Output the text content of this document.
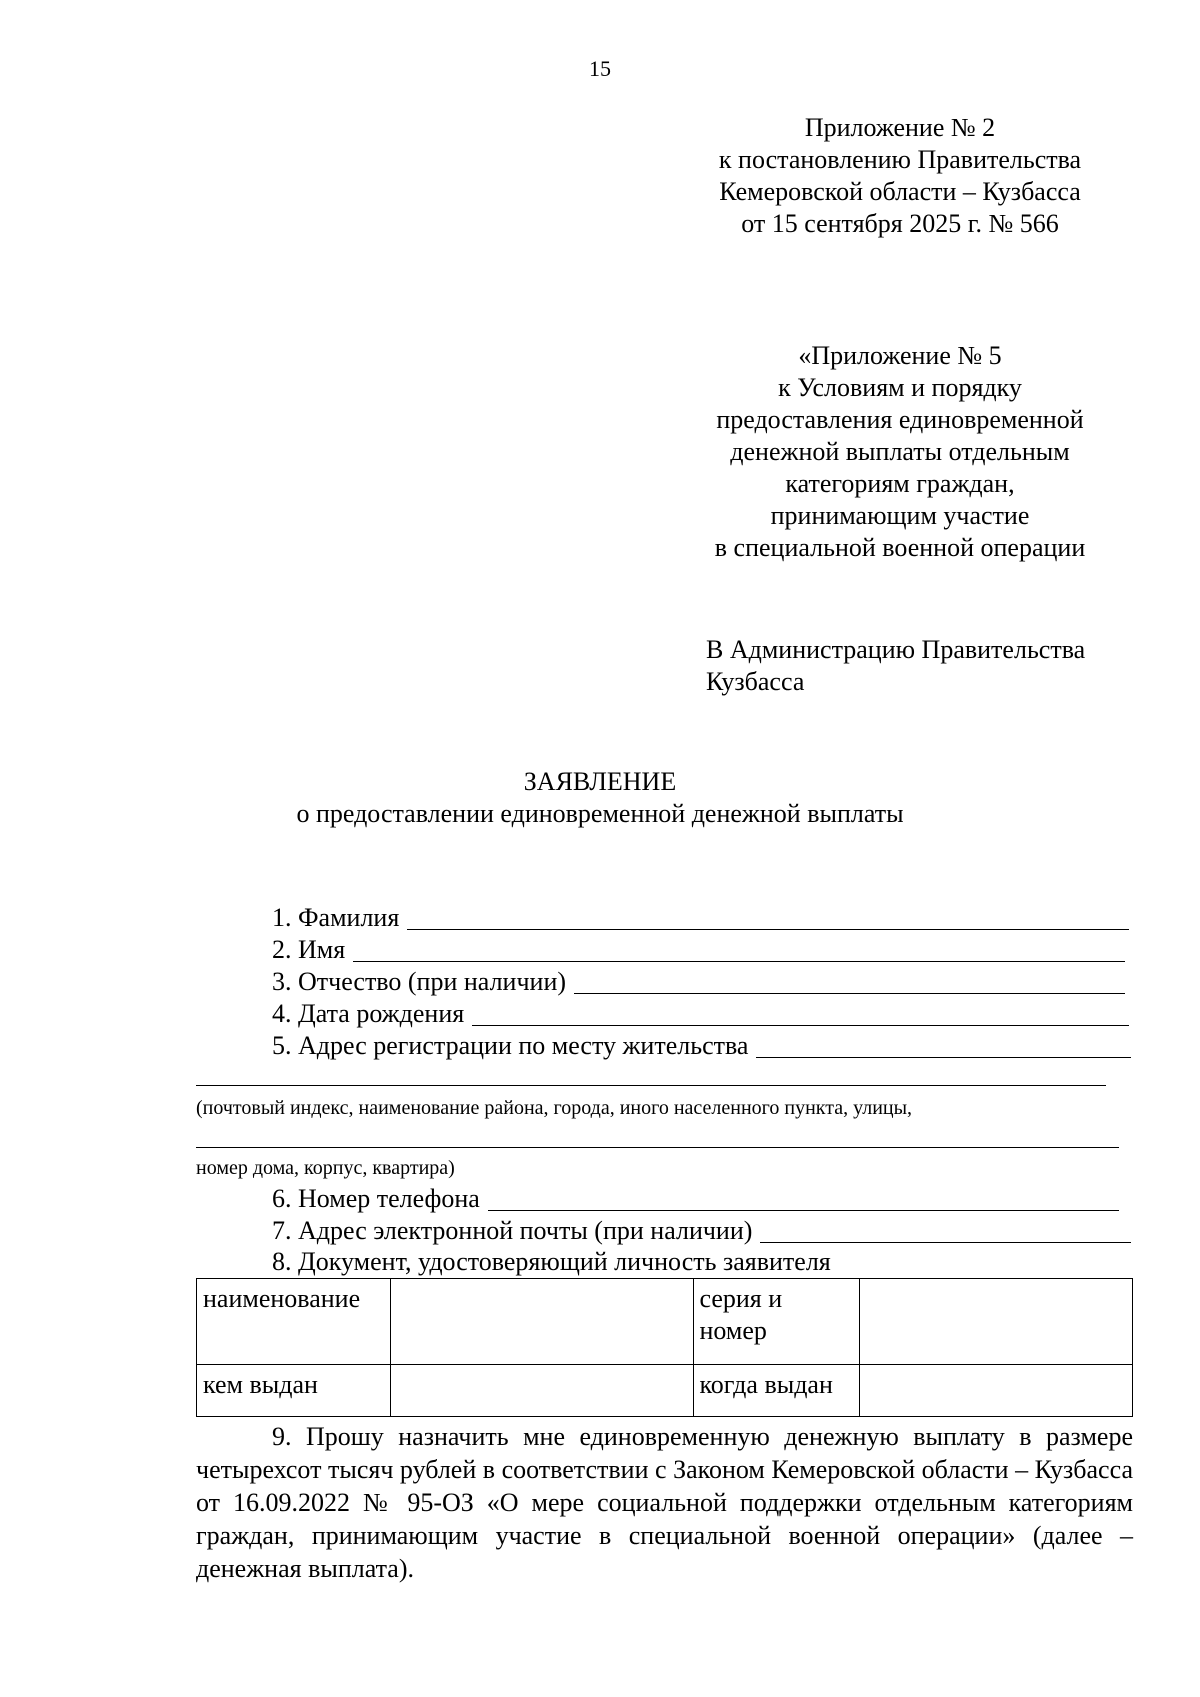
15
Приложение № 2
к постановлению Правительства
Кемеровской области – Кузбасса
от 15 сентября 2025 г. № 566
«Приложение № 5
к Условиям и порядку
предоставления единовременной
денежной выплаты отдельным
категориям граждан,
принимающим участие
в специальной военной операции
В Администрацию Правительства
Кузбасса
ЗАЯВЛЕНИЕ
о предоставлении единовременной денежной выплаты
1. Фамилия
2. Имя
3. Отчество (при наличии)
4. Дата рождения
5. Адрес регистрации по месту жительства
(почтовый индекс, наименование района, города, иного населенного пункта, улицы,
номер дома, корпус, квартира)
6. Номер телефона
7. Адрес электронной почты (при наличии)
8. Документ, удостоверяющий личность заявителя
наименование		серия и
номер	

кем выдан		когда выдан	
9. Прошу назначить мне единовременную денежную выплату в размере четырехсот тысяч рублей в соответствии с Законом Кемеровской области – Кузбасса от 16.09.2022 № 95-ОЗ «О мере социальной поддержки отдельным категориям граждан, принимающим участие в специальной военной операции» (далее – денежная выплата).
